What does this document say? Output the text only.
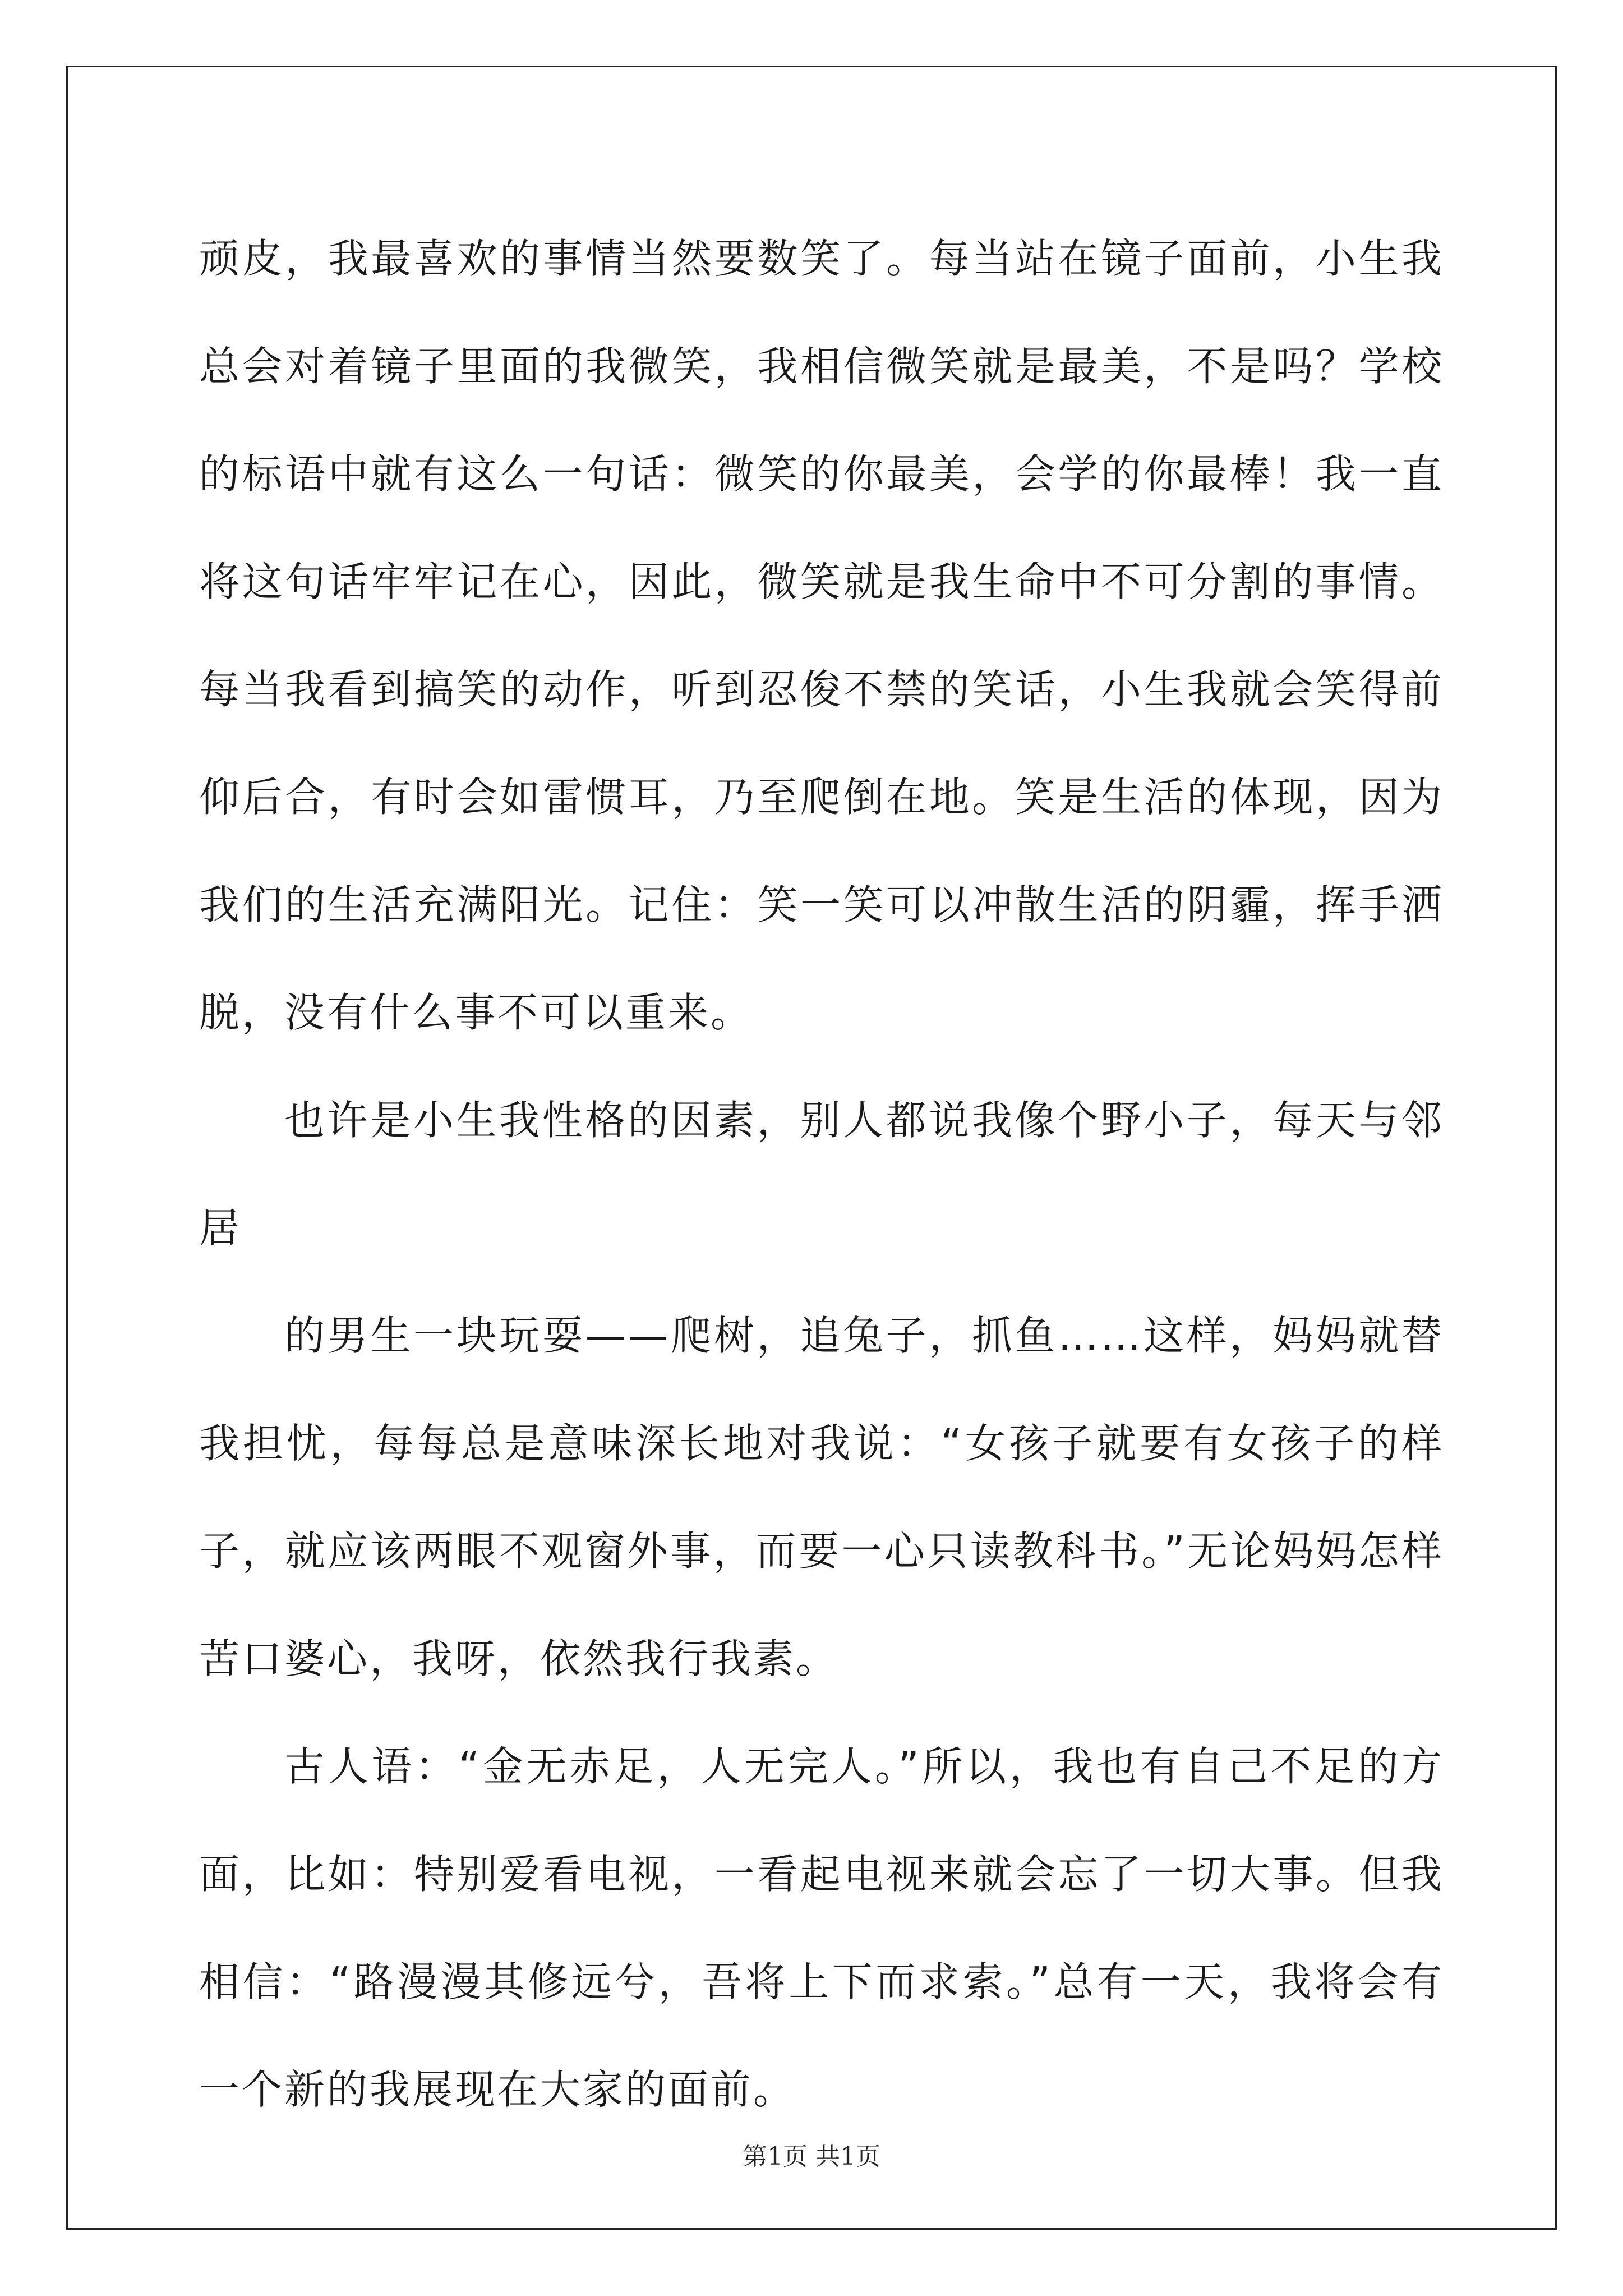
顽皮，我最喜欢的事情当然要数笑了。每当站在镜子面前，小生我总会对着镜子里面的我微笑，我相信微笑就是最美，不是吗？学校的标语中就有这么一句话：微笑的你最美，会学的你最棒！我一直将这句话牢牢记在心，因此，微笑就是我生命中不可分割的事情。每当我看到搞笑的动作，听到忍俊不禁的笑话，小生我就会笑得前仰后合，有时会如雷惯耳，乃至爬倒在地。笑是生活的体现，因为我们的生活充满阳光。记住：笑一笑可以冲散生活的阴霾，挥手洒脱，没有什么事不可以重来。

也许是小生我性格的因素，别人都说我像个野小子，每天与邻居

的男生一块玩耍——爬树，追兔子，抓鱼……这样，妈妈就替我担忧，每每总是意味深长地对我说：“女孩子就要有女孩子的样子，就应该两眼不观窗外事，而要一心只读教科书。”无论妈妈怎样苦口婆心，我呀，依然我行我素。

古人语：“金无赤足，人无完人。”所以，我也有自己不足的方面，比如：特别爱看电视，一看起电视来就会忘了一切大事。但我相信：“路漫漫其修远兮，吾将上下而求索。”总有一天，我将会有一个新的我展现在大家的面前。

第1页 共1页
